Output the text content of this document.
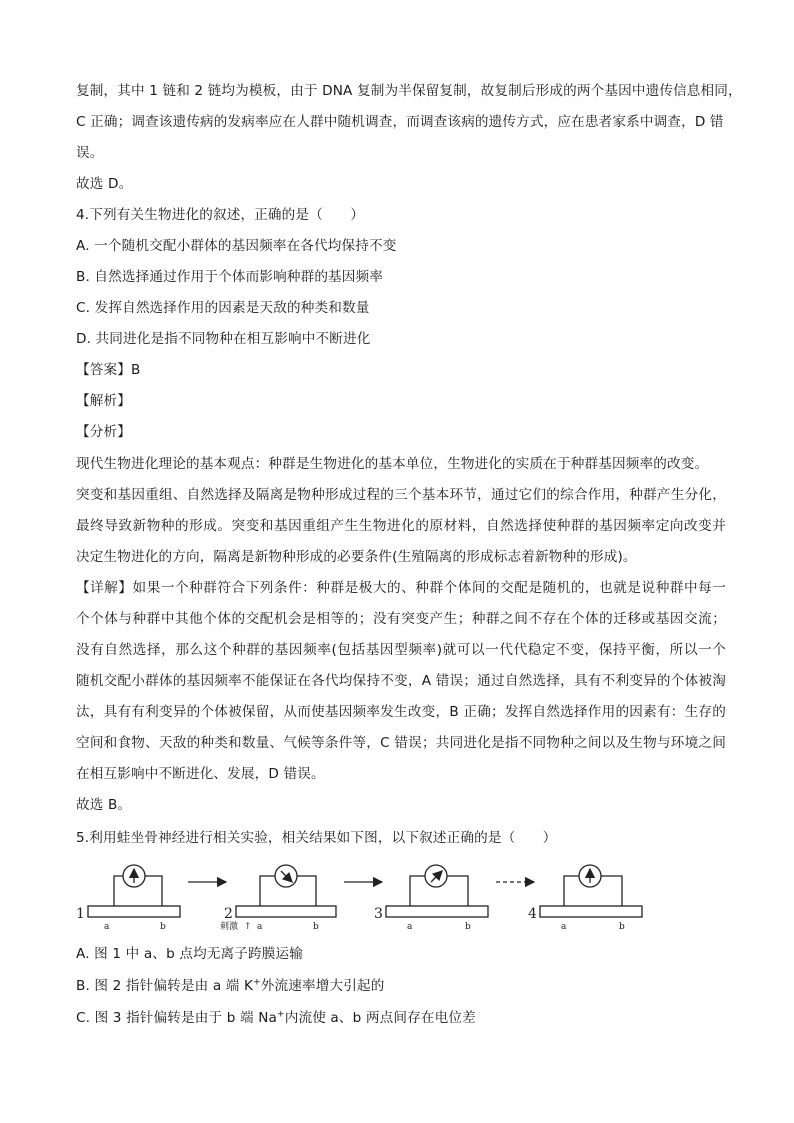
复制，其中 1 链和 2 链均为模板，由于 DNA 复制为半保留复制，故复制后形成的两个基因中遗传信息相同，
C 正确；调查该遗传病的发病率应在人群中随机调查，而调查该病的遗传方式，应在患者家系中调查，D 错
误。
故选 D。
4.下列有关生物进化的叙述，正确的是（　　）
A. 一个随机交配小群体的基因频率在各代均保持不变
B. 自然选择通过作用于个体而影响种群的基因频率
C. 发挥自然选择作用的因素是天敌的种类和数量
D. 共同进化是指不同物种在相互影响中不断进化
【答案】B
【解析】
【分析】
现代生物进化理论的基本观点：种群是生物进化的基本单位，生物进化的实质在于种群基因频率的改变。
突变和基因重组、自然选择及隔离是物种形成过程的三个基本环节，通过它们的综合作用，种群产生分化，
最终导致新物种的形成。突变和基因重组产生生物进化的原材料，自然选择使种群的基因频率定向改变并
决定生物进化的方向，隔离是新物种形成的必要条件(生殖隔离的形成标志着新物种的形成)。
【详解】如果一个种群符合下列条件：种群是极大的、种群个体间的交配是随机的，也就是说种群中每一
个个体与种群中其他个体的交配机会是相等的；没有突变产生；种群之间不存在个体的迁移或基因交流；
没有自然选择，那么这个种群的基因频率(包括基因型频率)就可以一代代稳定不变，保持平衡，所以一个
随机交配小群体的基因频率不能保证在各代均保持不变，A 错误；通过自然选择，具有不利变异的个体被淘
汰，具有有利变异的个体被保留，从而使基因频率发生改变，B 正确；发挥自然选择作用的因素有：生存的
空间和食物、天敌的种类和数量、气候等条件等，C 错误；共同进化是指不同物种之间以及生物与环境之间
在相互影响中不断进化、发展，D 错误。
故选 B。
5.利用蛙坐骨神经进行相关实验，相关结果如下图，以下叙述正确的是（　　）
1
a	b
2
a	b
↑
刺激
3
a	b
4
a	b
A. 图 1 中 a、b 点均无离子跨膜运输
B. 图 2 指针偏转是由 a 端 K+外流速率增大引起的
C. 图 3 指针偏转是由于 b 端 Na+内流使 a、b 两点间存在电位差
